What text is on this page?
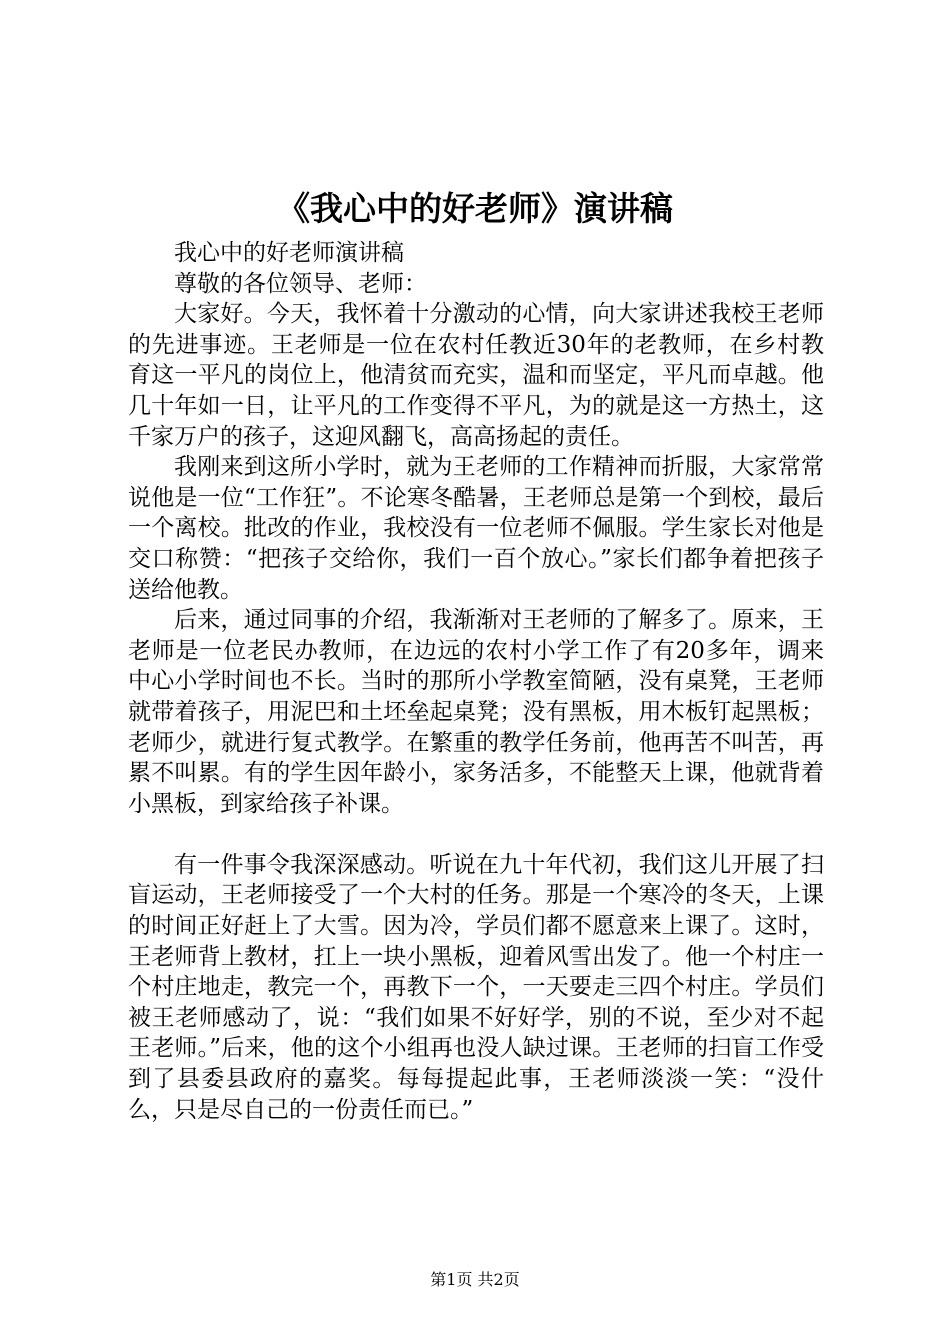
《我心中的好老师》演讲稿

我心中的好老师演讲稿

尊敬的各位领导、老师：

大家好。今天，我怀着十分激动的心情，向大家讲述我校王老师的先进事迹。王老师是一位在农村任教近30年的老教师，在乡村教育这一平凡的岗位上，他清贫而充实，温和而坚定，平凡而卓越。他几十年如一日，让平凡的工作变得不平凡，为的就是这一方热土，这千家万户的孩子，这迎风翻飞，高高扬起的责任。

我刚来到这所小学时，就为王老师的工作精神而折服，大家常常说他是一位“工作狂”。不论寒冬酷暑，王老师总是第一个到校，最后一个离校。批改的作业，我校没有一位老师不佩服。学生家长对他是交口称赞：“把孩子交给你，我们一百个放心。”家长们都争着把孩子送给他教。

后来，通过同事的介绍，我渐渐对王老师的了解多了。原来，王老师是一位老民办教师，在边远的农村小学工作了有20多年，调来中心小学时间也不长。当时的那所小学教室简陋，没有桌凳，王老师就带着孩子，用泥巴和土坯垒起桌凳；没有黑板，用木板钉起黑板；老师少，就进行复式教学。在繁重的教学任务前，他再苦不叫苦，再累不叫累。有的学生因年龄小，家务活多，不能整天上课，他就背着小黑板，到家给孩子补课。

有一件事令我深深感动。听说在九十年代初，我们这儿开展了扫盲运动，王老师接受了一个大村的任务。那是一个寒冷的冬天，上课的时间正好赶上了大雪。因为冷，学员们都不愿意来上课了。这时，王老师背上教材，扛上一块小黑板，迎着风雪出发了。他一个村庄一个村庄地走，教完一个，再教下一个，一天要走三四个村庄。学员们被王老师感动了，说：“我们如果不好好学，别的不说，至少对不起王老师。”后来，他的这个小组再也没人缺过课。王老师的扫盲工作受到了县委县政府的嘉奖。每每提起此事，王老师淡淡一笑：“没什么，只是尽自己的一份责任而已。”

第1页 共2页
